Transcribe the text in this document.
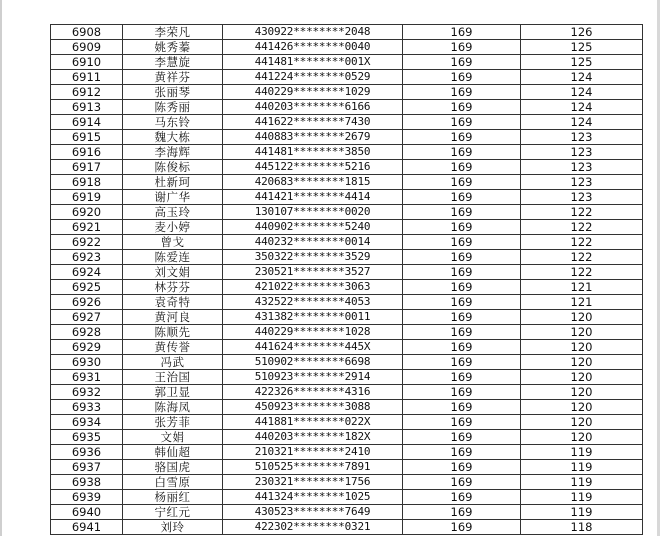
6908	李荣凡	430922********2048	169	126
6909	姚秀蓁	441426********0040	169	125
6910	李慧旋	441481********001X	169	125
6911	黄祥芬	441224********0529	169	124
6912	张丽琴	440229********1029	169	124
6913	陈秀丽	440203********6166	169	124
6914	马东铃	441622********7430	169	124
6915	魏大栋	440883********2679	169	123
6916	李海辉	441481********3850	169	123
6917	陈俊标	445122********5216	169	123
6918	杜新珂	420683********1815	169	123
6919	谢广华	441421********4414	169	123
6920	高玉玲	130107********0020	169	122
6921	麦小婷	440902********5240	169	122
6922	曾戈	440232********0014	169	122
6923	陈爱连	350322********3529	169	122
6924	刘文娟	230521********3527	169	122
6925	林芬芬	421022********3063	169	121
6926	袁奇特	432522********4053	169	121
6927	黄河良	431382********0011	169	120
6928	陈顺先	440229********1028	169	120
6929	黄传誉	441624********445X	169	120
6930	冯武	510902********6698	169	120
6931	王治国	510923********2914	169	120
6932	郭卫显	422326********4316	169	120
6933	陈海凤	450923********3088	169	120
6934	张芳菲	441881********022X	169	120
6935	文娟	440203********182X	169	120
6936	韩仙超	210321********2410	169	119
6937	骆国虎	510525********7891	169	119
6938	白雪原	230321********1756	169	119
6939	杨丽红	441324********1025	169	119
6940	宁红元	430523********7649	169	119
6941	刘玲	422302********0321	169	118
